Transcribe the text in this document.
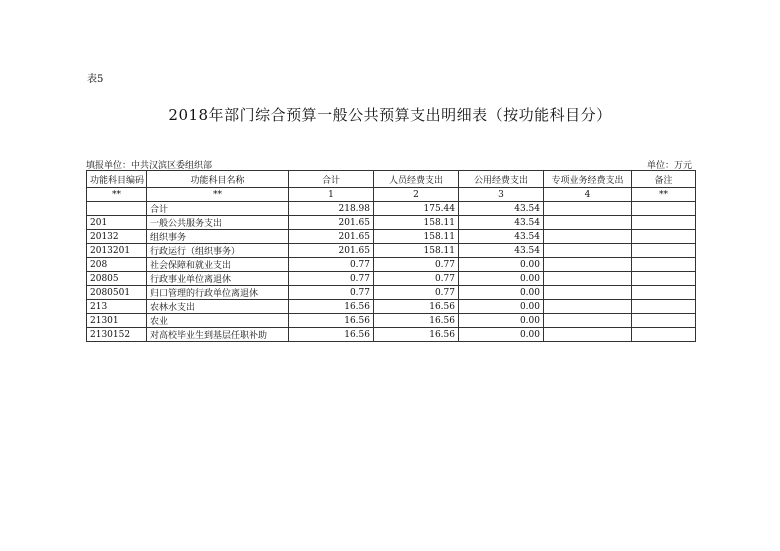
表5
2018年部门综合预算一般公共预算支出明细表（按功能科目分）
填报单位：中共汉滨区委组织部	单位：万元
功能科目编码	功能科目名称	合计	人员经费支出	公用经费支出	专项业务经费支出	备注
**	**	1	2	3	4	**
	合计	218.98	175.44	43.54		
201	一般公共服务支出	201.65	158.11	43.54		
20132	组织事务	201.65	158.11	43.54		
2013201	行政运行（组织事务）	201.65	158.11	43.54		
208	社会保障和就业支出	0.77	0.77	0.00		
20805	行政事业单位离退休	0.77	0.77	0.00		
2080501	归口管理的行政单位离退休	0.77	0.77	0.00		
213	农林水支出	16.56	16.56	0.00		
21301	农业	16.56	16.56	0.00		
2130152	对高校毕业生到基层任职补助	16.56	16.56	0.00		
